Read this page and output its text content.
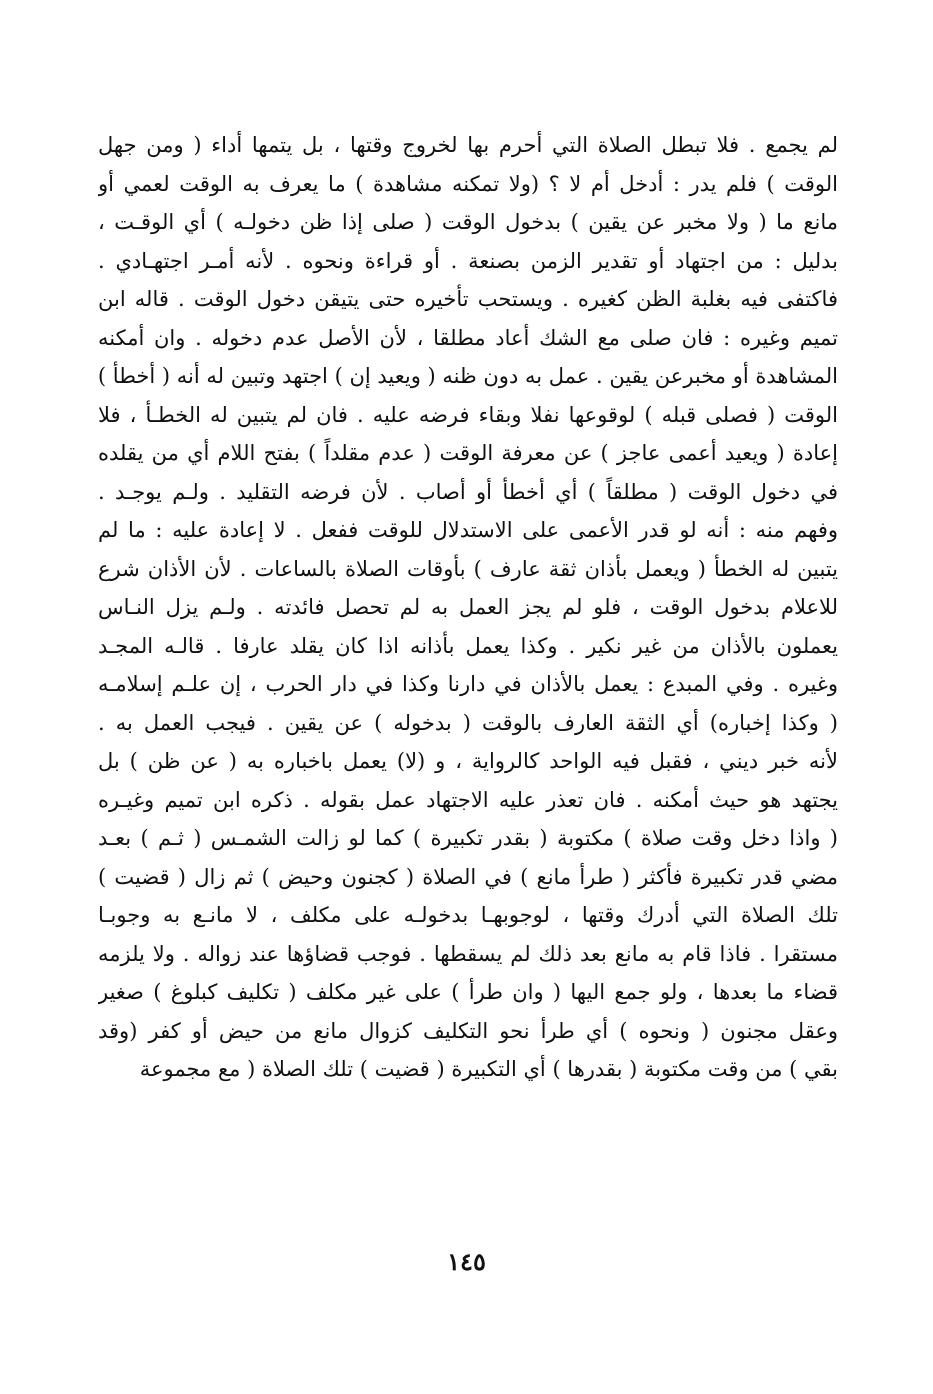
لم يجمع . فلا تبطل الصلاة التي أحرم بها لخروج وقتها ، بل يتمها أداء ( ومن جهل
الوقت ) فلم يدر : أدخل أم لا ؟ (ولا تمكنه مشاهدة ) ما يعرف به الوقت لعمي أو
مانع ما ( ولا مخبر عن يقين ) بدخول الوقت ( صلى إذا ظن دخولـه ) أي الوقـت ،
بدليل : من اجتهاد أو تقدير الزمن بصنعة . أو قراءة ونحوه . لأنه أمـر اجتهـادي .
فاكتفى فيه بغلبة الظن كغيره . ويستحب تأخيره حتى يتيقن دخول الوقت . قاله ابن
تميم وغيره : فان صلى مع الشك أعاد مطلقا ، لأن الأصل عدم دخوله . وان أمكنه
المشاهدة أو مخبرعن يقين . عمل به دون ظنه ( ويعيد إن ) اجتهد وتبين له أنه ( أخطأ )
الوقت ( فصلى قبله ) لوقوعها نفلا وبقاء فرضه عليه . فان لم يتبين له الخطـأ ، فلا
إعادة ( ويعيد أعمى عاجز ) عن معرفة الوقت ( عدم مقلداً ) بفتح اللام أي من يقلده
في دخول الوقت ( مطلقاً ) أي أخطأ أو أصاب . لأن فرضه التقليد . ولـم يوجـد .
وفهم منه : أنه لو قدر الأعمى على الاستدلال للوقت ففعل . لا إعادة عليه : ما لم
يتبين له الخطأ ( ويعمل بأذان ثقة عارف ) بأوقات الصلاة بالساعات . لأن الأذان شرع
للاعلام بدخول الوقت ، فلو لم يجز العمل به لم تحصل فائدته . ولـم يزل النـاس
يعملون بالأذان من غير نكير . وكذا يعمل بأذانه اذا كان يقلد عارفا . قالـه المجـد
وغيره . وفي المبدع : يعمل بالأذان في دارنا وكذا في دار الحرب ، إن علـم إسلامـه
( وكذا إخباره) أي الثقة العارف بالوقت ( بدخوله ) عن يقين . فيجب العمل به .
لأنه خبر ديني ، فقبل فيه الواحد كالرواية ، و (لا) يعمل باخباره به ( عن ظن ) بل
يجتهد هو حيث أمكنه . فان تعذر عليه الاجتهاد عمل بقوله . ذكره ابن تميم وغيـره
( واذا دخل وقت صلاة ) مكتوبة ( بقدر تكبيرة ) كما لو زالت الشمـس ( ثـم ) بعـد
مضي قدر تكبيرة فأكثر ( طرأ مانع ) في الصلاة ( كجنون وحيض ) ثم زال ( قضيت )
تلك الصلاة التي أدرك وقتها ، لوجوبهـا بدخولـه على مكلف ، لا مانـع به وجوبـا
مستقرا . فاذا قام به مانع بعد ذلك لم يسقطها . فوجب قضاؤها عند زواله . ولا يلزمه
قضاء ما بعدها ، ولو جمع اليها ( وان طرأ ) على غير مكلف ( تكليف كبلوغ ) صغير
وعقل مجنون ( ونحوه ) أي طرأ نحو التكليف كزوال مانع من حيض أو كفر (وقد
بقي ) من وقت مكتوبة ( بقدرها ) أي التكبيرة ( قضيت ) تلك الصلاة ( مع مجموعة
١٤٥
